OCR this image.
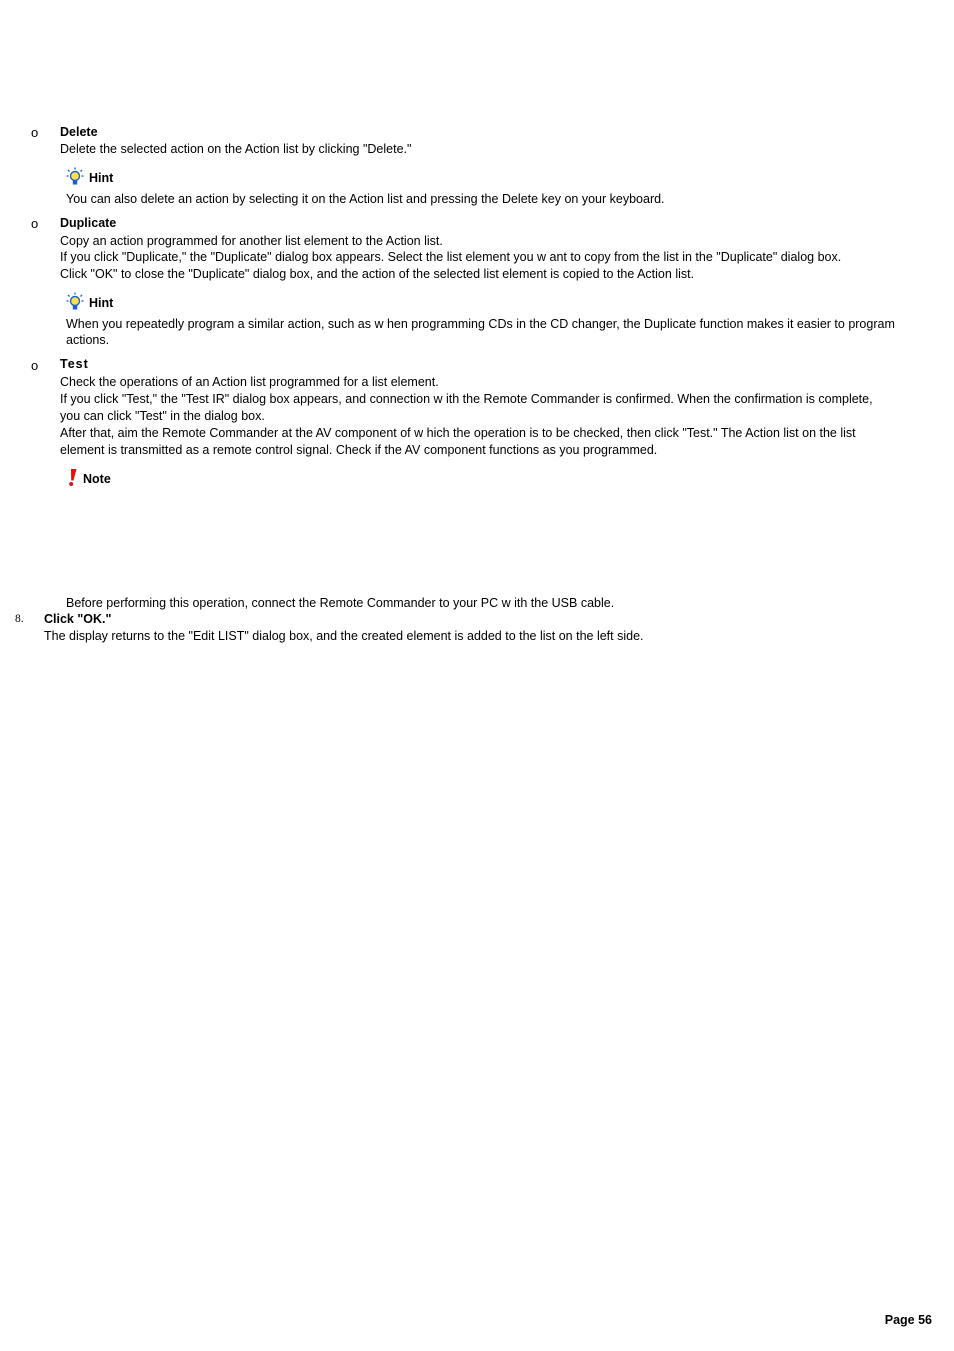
o Delete
Delete the selected action on the Action list by clicking "Delete."
Hint
You can also delete an action by selecting it on the Action list and pressing the Delete key on your keyboard.
o Duplicate
Copy an action programmed for another list element to the Action list.
If you click "Duplicate," the "Duplicate" dialog box appears. Select the list element you w ant to copy from the list in the "Duplicate" dialog box.
Click "OK" to close the "Duplicate" dialog box, and the action of the selected list element is copied to the Action list.
Hint
When you repeatedly program a similar action, such as w hen programming CDs in the CD changer, the Duplicate function makes it easier to program
actions.
o Test
Check the operations of an Action list programmed for a list element.
If you click "Test," the "Test IR" dialog box appears, and connection w ith the Remote Commander is confirmed. When the confirmation is complete,
you can click "Test" in the dialog box.
After that, aim the Remote Commander at the AV component of w hich the operation is to be checked, then click "Test." The Action list on the list
element is transmitted as a remote control signal. Check if the AV component functions as you programmed.
Note
Before performing this operation, connect the Remote Commander to your PC w ith the USB cable.
8. Click "OK."
The display returns to the "Edit LIST" dialog box, and the created element is added to the list on the left side.
Page 56
